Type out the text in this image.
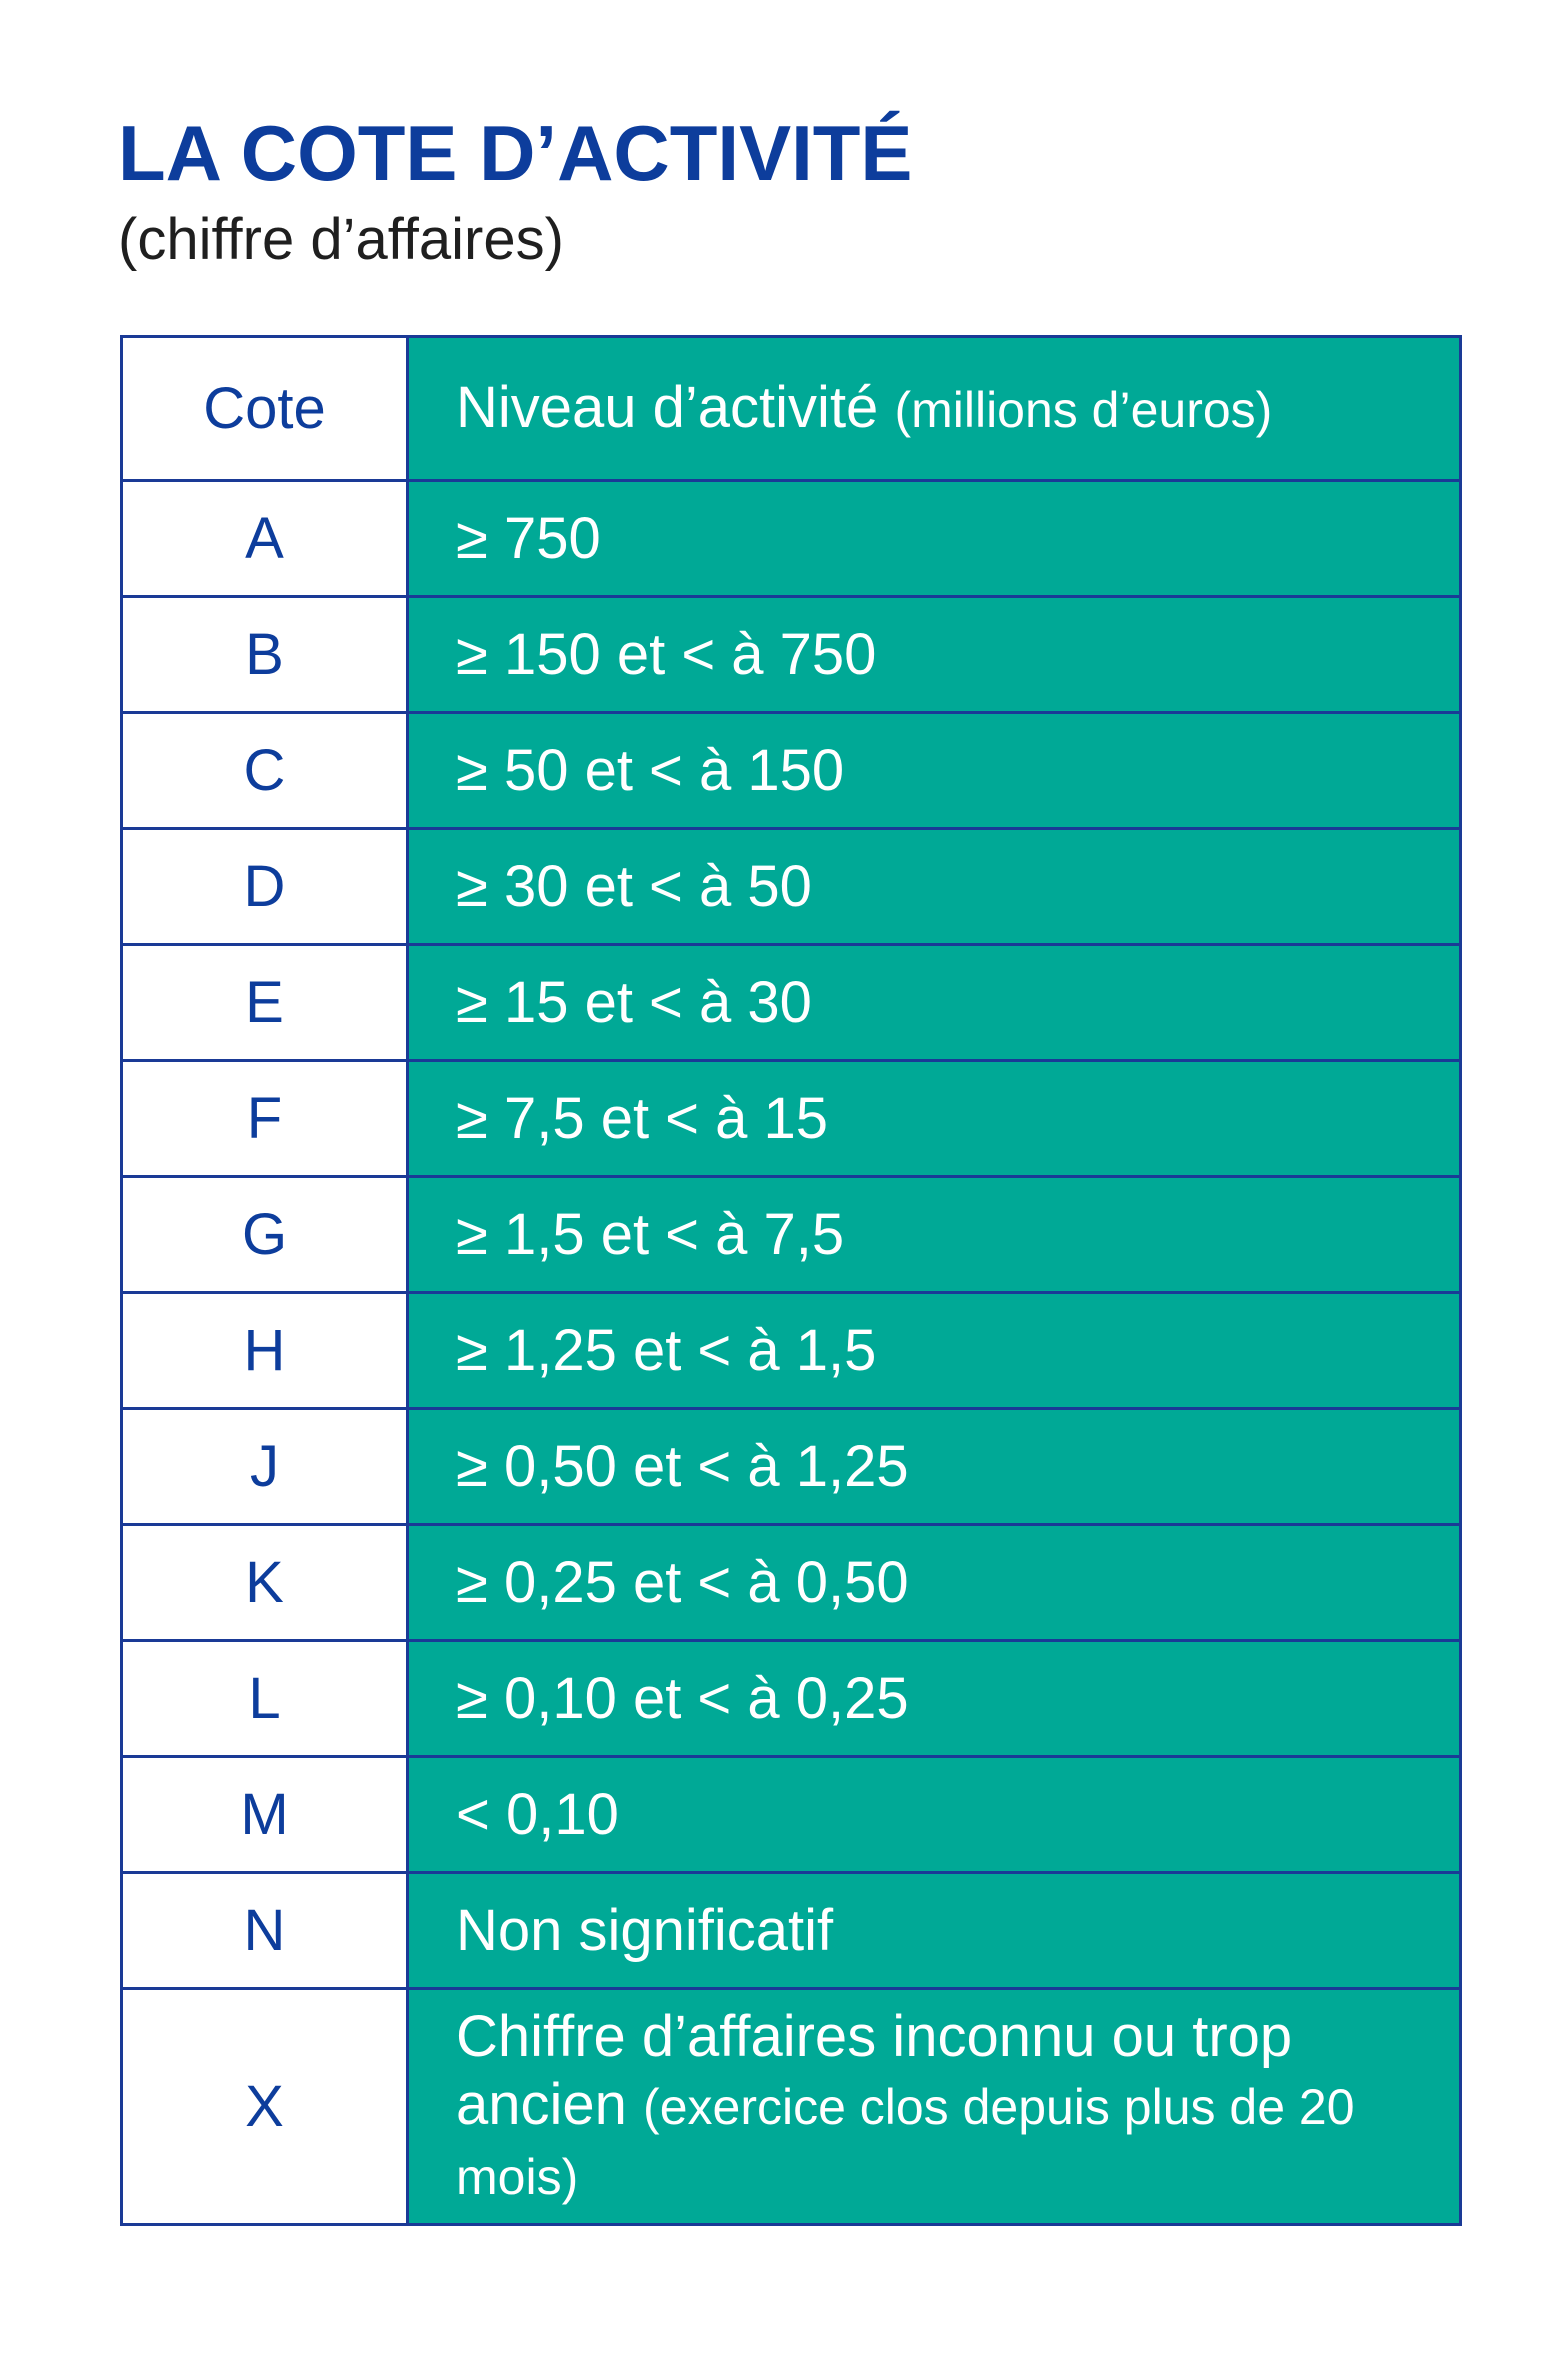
LA COTE D’ACTIVITÉ

(chiffre d’affaires)

Cote	Niveau d’activité (millions d’euros)
A	≥ 750
B	≥ 150 et < à 750
C	≥ 50 et < à 150
D	≥ 30 et < à 50
E	≥ 15 et < à 30
F	≥ 7,5 et < à 15
G	≥ 1,5 et < à 7,5
H	≥ 1,25 et < à 1,5
J	≥ 0,50 et < à 1,25
K	≥ 0,25 et < à 0,50
L	≥ 0,10 et < à 0,25
M	< 0,10
N	Non significatif
X	Chiffre d’affaires inconnu ou trop ancien (exercice clos depuis plus de 20 mois)
